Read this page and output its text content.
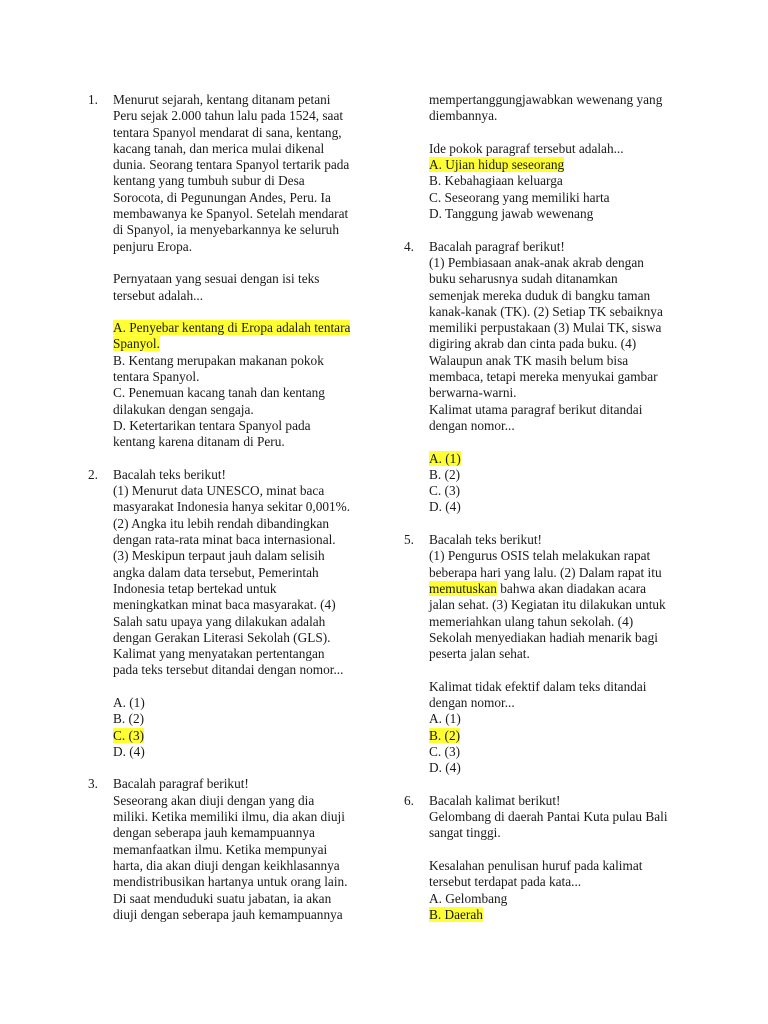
1. Menurut sejarah, kentang ditanam petani
Peru sejak 2.000 tahun lalu pada 1524, saat
tentara Spanyol mendarat di sana, kentang,
kacang tanah, dan merica mulai dikenal
dunia. Seorang tentara Spanyol tertarik pada
kentang yang tumbuh subur di Desa
Sorocota, di Pegunungan Andes, Peru. Ia
membawanya ke Spanyol. Setelah mendarat
di Spanyol, ia menyebarkannya ke seluruh
penjuru Eropa.
Pernyataan yang sesuai dengan isi teks
tersebut adalah...
A. Penyebar kentang di Eropa adalah tentara
Spanyol.
B. Kentang merupakan makanan pokok
tentara Spanyol.
C. Penemuan kacang tanah dan kentang
dilakukan dengan sengaja.
D. Ketertarikan tentara Spanyol pada
kentang karena ditanam di Peru.
2. Bacalah teks berikut!
(1) Menurut data UNESCO, minat baca
masyarakat Indonesia hanya sekitar 0,001%.
(2) Angka itu lebih rendah dibandingkan
dengan rata-rata minat baca internasional.
(3) Meskipun terpaut jauh dalam selisih
angka dalam data tersebut, Pemerintah
Indonesia tetap bertekad untuk
meningkatkan minat baca masyarakat. (4)
Salah satu upaya yang dilakukan adalah
dengan Gerakan Literasi Sekolah (GLS).
Kalimat yang menyatakan pertentangan
pada teks tersebut ditandai dengan nomor...
A. (1)
B. (2)
C. (3)
D. (4)
3. Bacalah paragraf berikut!
Seseorang akan diuji dengan yang dia
miliki. Ketika memiliki ilmu, dia akan diuji
dengan seberapa jauh kemampuannya
memanfaatkan ilmu. Ketika mempunyai
harta, dia akan diuji dengan keikhlasannya
mendistribusikan hartanya untuk orang lain.
Di saat menduduki suatu jabatan, ia akan
diuji dengan seberapa jauh kemampuannya
mempertanggungjawabkan wewenang yang
diembannya.
Ide pokok paragraf tersebut adalah...
A. Ujian hidup seseorang
B. Kebahagiaan keluarga
C. Seseorang yang memiliki harta
D. Tanggung jawab wewenang
4. Bacalah paragraf berikut!
(1) Pembiasaan anak-anak akrab dengan
buku seharusnya sudah ditanamkan
semenjak mereka duduk di bangku taman
kanak-kanak (TK). (2) Setiap TK sebaiknya
memiliki perpustakaan (3) Mulai TK, siswa
digiring akrab dan cinta pada buku. (4)
Walaupun anak TK masih belum bisa
membaca, tetapi mereka menyukai gambar
berwarna-warni.
Kalimat utama paragraf berikut ditandai
dengan nomor...
A. (1)
B. (2)
C. (3)
D. (4)
5. Bacalah teks berikut!
(1) Pengurus OSIS telah melakukan rapat
beberapa hari yang lalu. (2) Dalam rapat itu
memutuskan bahwa akan diadakan acara
jalan sehat. (3) Kegiatan itu dilakukan untuk
memeriahkan ulang tahun sekolah. (4)
Sekolah menyediakan hadiah menarik bagi
peserta jalan sehat.
Kalimat tidak efektif dalam teks ditandai
dengan nomor...
A. (1)
B. (2)
C. (3)
D. (4)
6. Bacalah kalimat berikut!
Gelombang di daerah Pantai Kuta pulau Bali
sangat tinggi.
Kesalahan penulisan huruf pada kalimat
tersebut terdapat pada kata...
A. Gelombang
B. Daerah
